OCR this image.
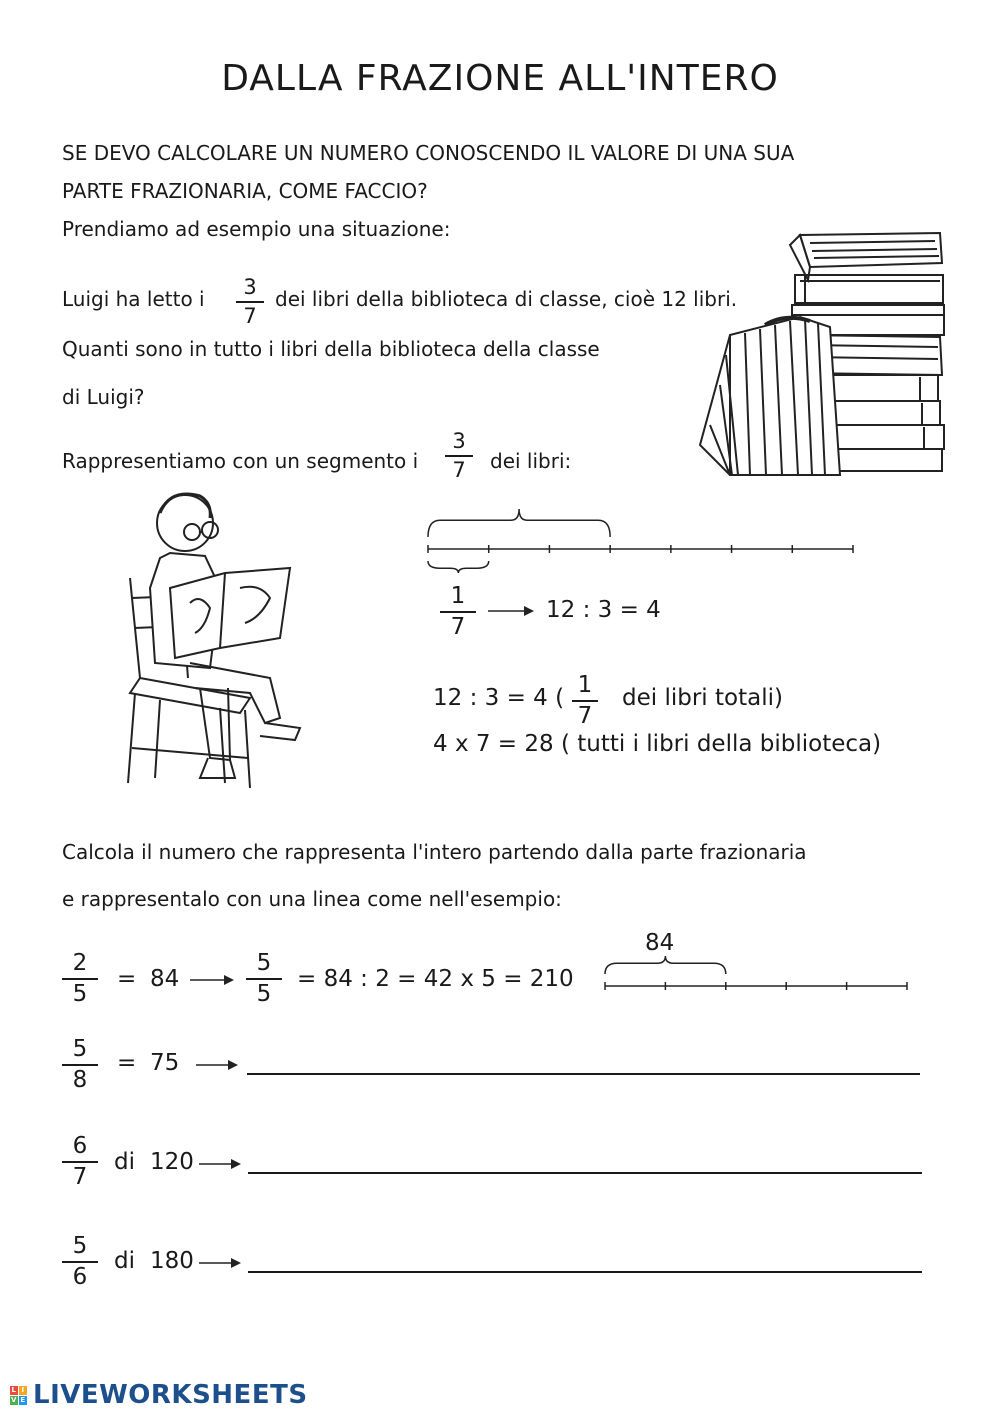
DALLA FRAZIONE ALL'INTERO
SE DEVO CALCOLARE UN NUMERO CONOSCENDO IL VALORE DI UNA SUA
PARTE FRAZIONARIA, COME FACCIO?
Prendiamo ad esempio una situazione:
Luigi ha letto i 3
7
dei libri della biblioteca di classe, cioè 12 libri.
Quanti sono in tutto i libri della biblioteca della classe
di Luigi?
Rappresentiamo con un segmento i
3
7 dei libri:
1
7
12 : 3 = 4
12 : 3 = 4 ( 1
7
dei libri totali)
4 x 7 = 28 ( tutti i libri della biblioteca)
Calcola il numero che rappresenta l'intero partendo dalla parte frazionaria
e rappresentalo con una linea come nell'esempio:
2
5
= 84
5
5
= 84 : 2 = 42 x 5 = 210
84
5
8
= 75
6
7
di 120
5
6
di 180
L I
V E LIVEWORKSHEETS
